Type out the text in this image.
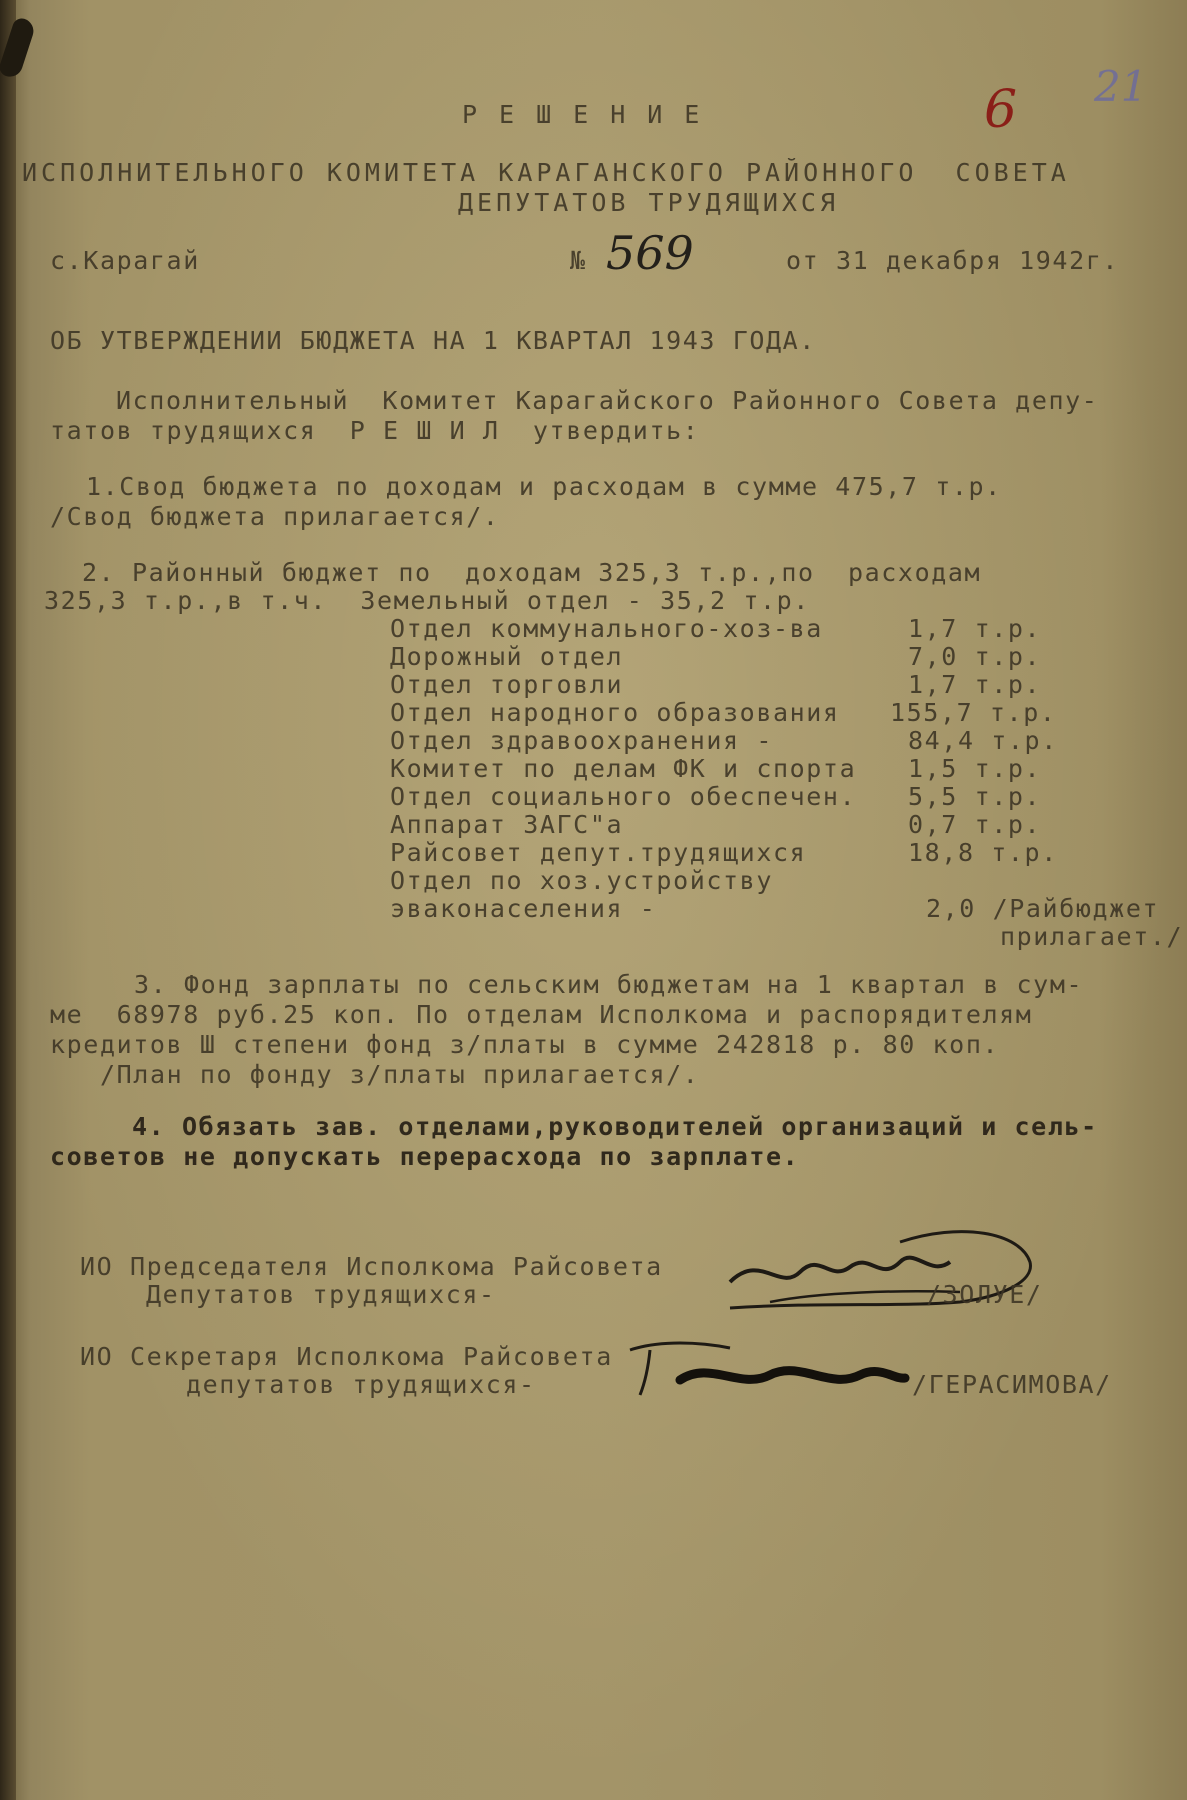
6 21
РЕШЕНИЕ
ИСПОЛНИТЕЛЬНОГО КОМИТЕТА КАРАГАНСКОГО РАЙОННОГО  СОВЕТА
ДЕПУТАТОВ ТРУДЯЩИХСЯ
с.Карагай	№ 569	от 31 декабря 1942г.
ОБ УТВЕРЖДЕНИИ БЮДЖЕТА НА 1 КВАРТАЛ 1943 ГОДА.
Исполнительный  Комитет Карагайского Районного Совета депу-
татов трудящихся  Р Е Ш И Л  утвердить:
1.Свод бюджета по доходам и расходам в сумме 475,7 т.р.
/Свод бюджета прилагается/.
2. Районный бюджет по  доходам 325,3 т.р.,по  расходам
325,3 т.р.,в т.ч.  Земельный отдел - 35,2 т.р.
Отдел коммунального-хоз-ва	1,7 т.р.
Дорожный отдел	7,0 т.р.
Отдел торговли	1,7 т.р.
Отдел народного образования 155,7 т.р.
Отдел здравоохранения -	84,4 т.р.
Комитет по делам ФК и спорта 1,5 т.р.
Отдел социального обеспечен. 5,5 т.р.
Аппарат ЗАГС"а	0,7 т.р.
Райсовет депут.трудящихся	18,8 т.р.
Отдел по хоз.устройству
эваконаселения -	2,0 /Райбюджет
прилагает./
3. Фонд зарплаты по сельским бюджетам на 1 квартал в сум-
ме  68978 руб.25 коп. По отделам Исполкома и распорядителям
кредитов Ш степени фонд з/платы в сумме 242818 р. 80 коп.
/План по фонду з/платы прилагается/.
4. Обязать зав. отделами,руководителей организаций и сель-
советов не допускать перерасхода по зарплате.
ИО Председателя Исполкома Райсовета
Депутатов трудящихся-	/ЗОЛУЕ/
ИО Секретаря Исполкома Райсовета
депутатов трудящихся-	/ГЕРАСИМОВА/
